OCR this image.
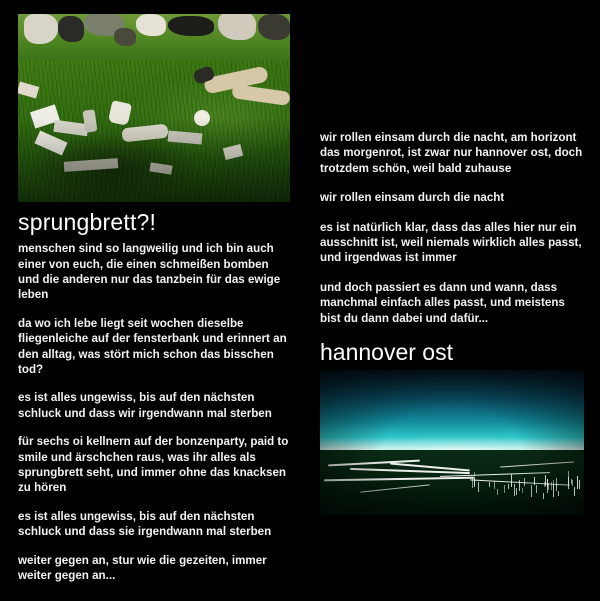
sprungbrett?!

menschen sind so langweilig und ich bin auch einer von euch, die einen schmeißen bomben und die anderen nur das tanzbein für das ewige leben

da wo ich lebe liegt seit wochen dieselbe fliegenleiche auf der fensterbank und erinnert an den alltag, was stört mich schon das bisschen tod?

es ist alles ungewiss, bis auf den nächsten schluck und dass wir irgendwann mal sterben

für sechs oi kellnern auf der bonzenparty, paid to smile und ärschchen raus, was ihr alles als sprungbrett seht, und immer ohne das knacksen zu hören

es ist alles ungewiss, bis auf den nächsten schluck und dass sie irgendwann mal sterben

weiter gegen an, stur wie die gezeiten, immer weiter gegen an...

wir rollen einsam durch die nacht, am horizont das morgenrot, ist zwar nur hannover ost, doch trotzdem schön, weil bald zuhause

wir rollen einsam durch die nacht

es ist natürlich klar, dass das alles hier nur ein ausschnitt ist, weil niemals wirklich alles passt, und irgendwas ist immer

und doch passiert es dann und wann, dass manchmal einfach alles passt, und meistens bist du dann dabei und dafür...

hannover ost
